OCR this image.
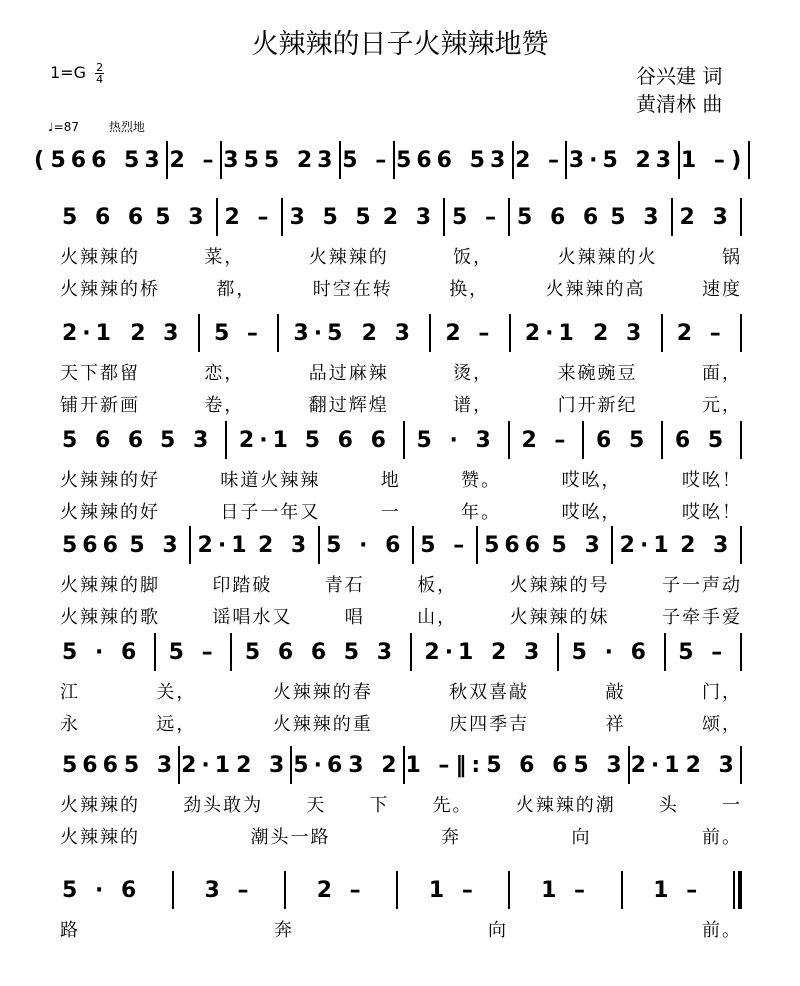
火辣辣的日子火辣辣地赞
$1=G \frac{2}{4}$	谷兴建 词
黄清林 曲
♩=87 热烈地
( 566 53 2 – 355 23 5 – 566 53 2 – 3·5 23 1 – )
5 6 6 5 3 2 – 3 5 5 2 3 5 – 5 6 6 5 3 2 3
火辣辣的	菜，	火辣辣的	饭，	火辣辣的火	锅
火辣辣的桥	都，	时空在转	换，	火辣辣的高	速度
2·1 2 3 5 – 3·5 2 3 2 – 2·1 2 3 2 –
天下都留	恋，	品过麻辣	烫，	来碗豌豆	面，
铺开新画	卷，	翻过辉煌	谱，	门开新纪	元，
5 6 6 5 3 2·1 5 6 6 5 · 3 2 – 6 5 6 5
火辣辣的好	味道火辣辣	地	赞。	哎吆，	哎吆！
火辣辣的好	日子一年又	一	年。	哎吆，	哎吆！
566 5 3 2·1 2 3 5 · 6 5 – 566 5 3 2·1 2 3
火辣辣的脚	印踏破	青石	板，	火辣辣的号	子一声动
火辣辣的歌	谣唱水又	唱	山，	火辣辣的妹	子牵手爱
5 · 6 5 – 5 6 6 5 3 2·1 2 3 5 · 6 5 –
江	关，	火辣辣的春	秋双喜敲	敲	门，
永	远，	火辣辣的重	庆四季吉	祥	颂，
566 5 3 2·1 2 3 5·6 3 2 1 – ‖: 5 6 6 5 3 2·1 2 3
火辣辣的 劲头敢为 天 下 先。 火辣辣的潮 头 一
火辣辣的	潮头一路	奔	向	前。
5 · 6	3 –	2 –	1 –	1 –	1 –
路	奔	向	前。
